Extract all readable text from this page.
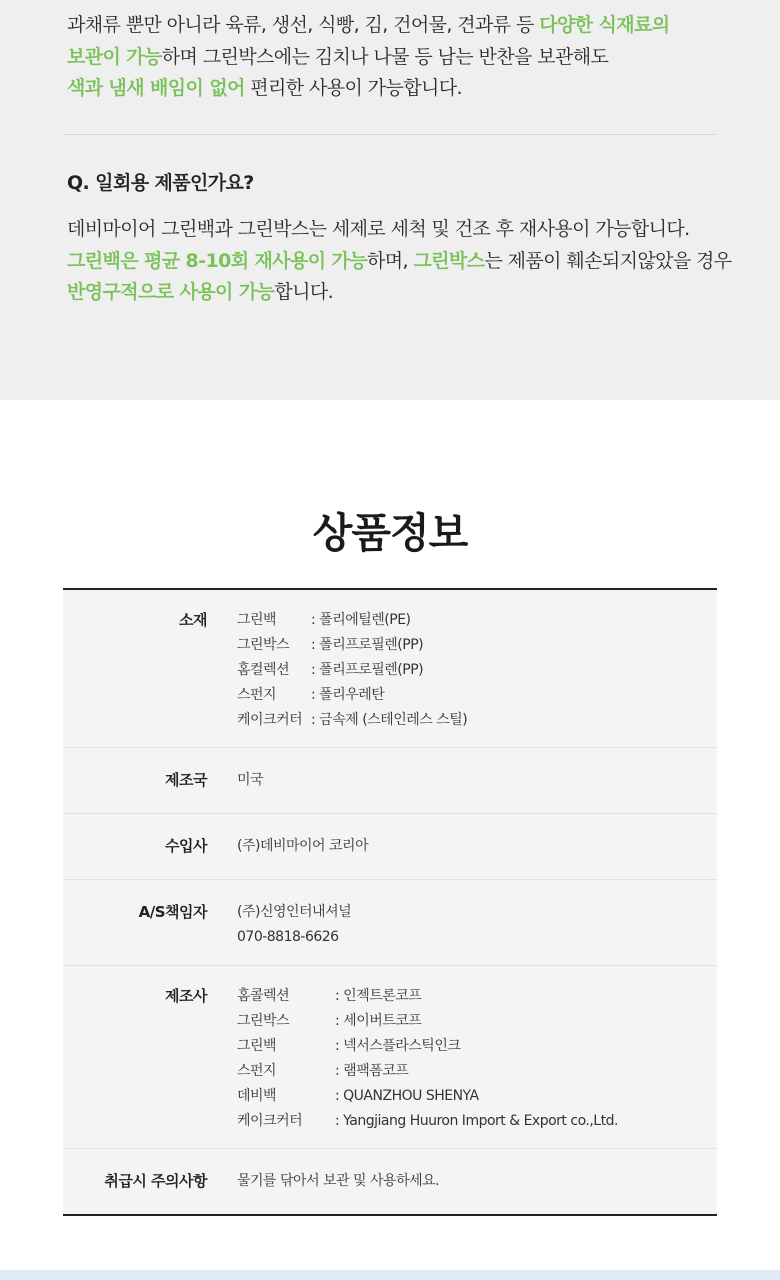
과채류 뿐만 아니라 육류, 생선, 식빵, 김, 건어물, 견과류 등 다양한 식재료의
보관이 가능하며 그린박스에는 김치나 나물 등 남는 반찬을 보관해도
색과 냄새 배임이 없어 편리한 사용이 가능합니다.

Q. 일회용 제품인가요?

데비마이어 그린백과 그린박스는 세제로 세척 및 건조 후 재사용이 가능합니다.
그린백은 평균 8-10회 재사용이 가능하며, 그린박스는 제품이 훼손되지않았을 경우
반영구적으로 사용이 가능합니다.

상품정보
소재 그린백	: 폴리에틸렌(PE)
그린박스	: 폴리프로필렌(PP)
홈컬렉션	: 폴리프로필렌(PP)
스펀지	: 폴리우레탄
케이크커터 : 금속제 (스테인레스 스틸)
제조국 미국
수입사 (주)데비마이어 코리아
A/S책임자 (주)신영인터내셔널
070-8818-6626
제조사 홈콜렉션	: 인젝트론코프
그린박스	: 세이버트코프
그린백	: 넥서스플라스틱인크
스펀지	: 램팩폼코프
데비백	: QUANZHOU SHENYA
케이크커터	: Yangjiang Huuron Import & Export co.,Ltd.
취급시 주의사항 물기를 닦아서 보관 및 사용하세요.
